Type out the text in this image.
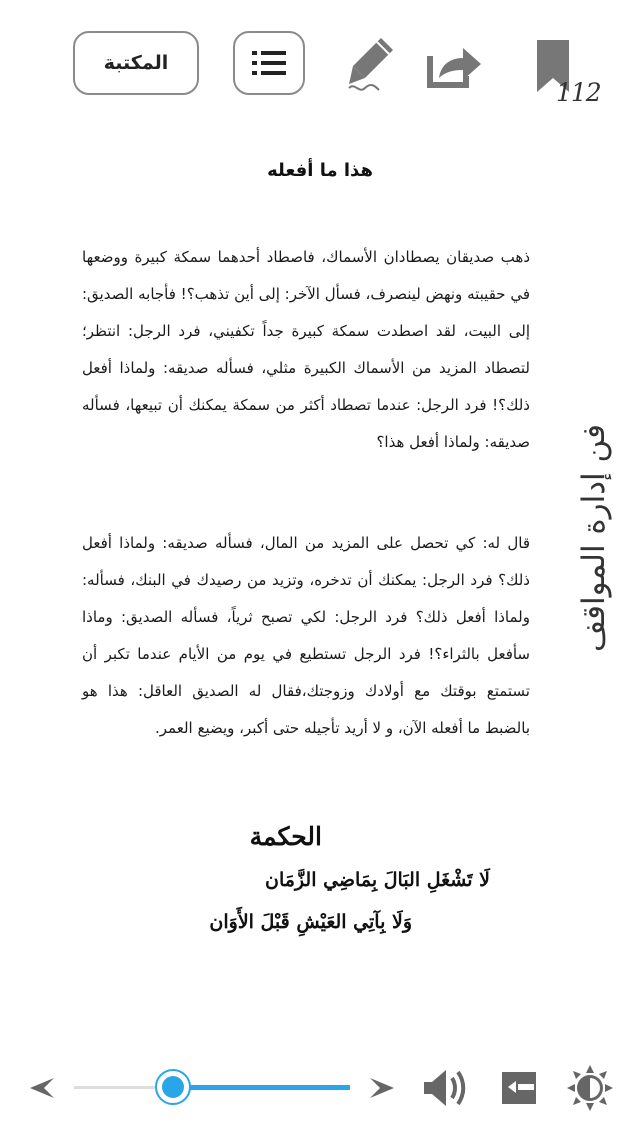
المكتبة
112
فن إدارة المواقف
هذا ما أفعله
ذهب صديقان يصطادان الأسماك، فاصطاد أحدهما سمكة كبيرة ووضعها في حقيبته ونهض لينصرف، فسأل الآخر: إلى أين تذهب؟! فأجابه الصديق: إلى البيت، لقد اصطدت سمكة كبيرة جداً تكفيني، فرد الرجل: انتظر؛ لتصطاد المزيد من الأسماك الكبيرة مثلي، فسأله صديقه: ولماذا أفعل ذلك؟! فرد الرجل: عندما تصطاد أكثر من سمكة يمكنك أن تبيعها، فسأله صديقه: ولماذا أفعل هذا؟
قال له: كي تحصل على المزيد من المال، فسأله صديقه: ولماذا أفعل ذلك؟ فرد الرجل: يمكنك أن تدخره، وتزيد من رصيدك في البنك، فسأله: ولماذا أفعل ذلك؟ فرد الرجل: لكي تصبح ثرياً، فسأله الصديق: وماذا سأفعل بالثراء؟! فرد الرجل تستطيع في يوم من الأيام عندما تكبر أن تستمتع بوقتك مع أولادك وزوجتك،فقال له الصديق العاقل: هذا هو بالضبط ما أفعله الآن، و لا أريد تأجيله حتى أكبر، ويضيع العمر.
الحكمة
لَا تَشْغَلِ البَالَ بِمَاضِي الزَّمَان
وَلَا بِآتِي العَيْشِ قَبْلَ الأَوَان
